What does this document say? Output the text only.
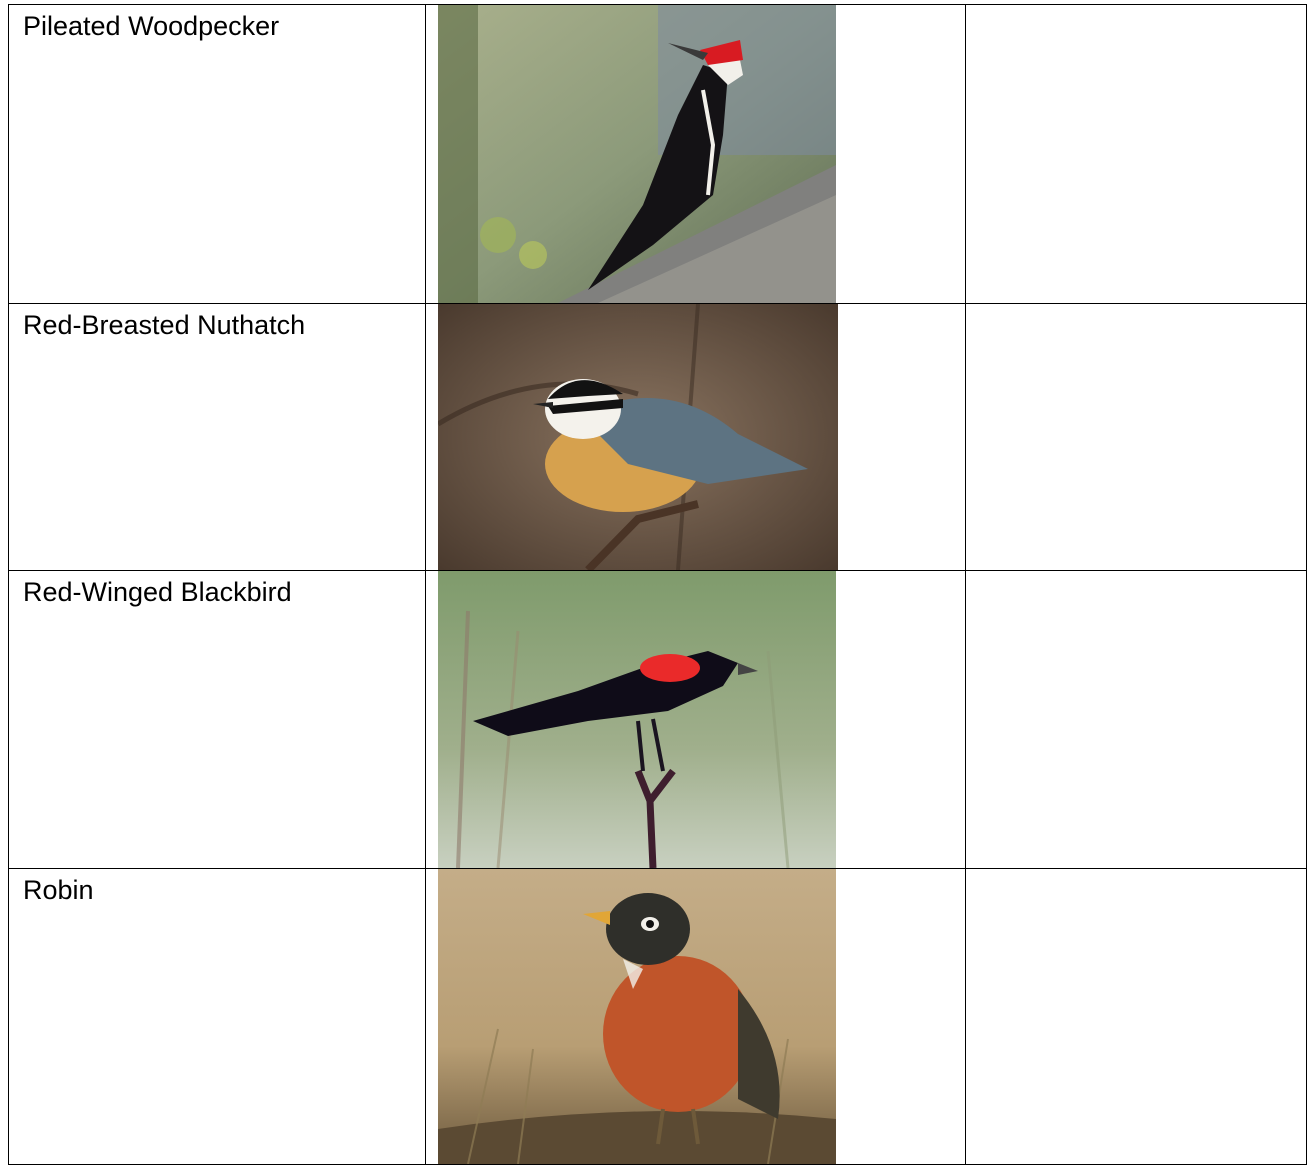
Pileated Woodpecker

Red-Breasted Nuthatch

Red-Winged Blackbird

Robin
